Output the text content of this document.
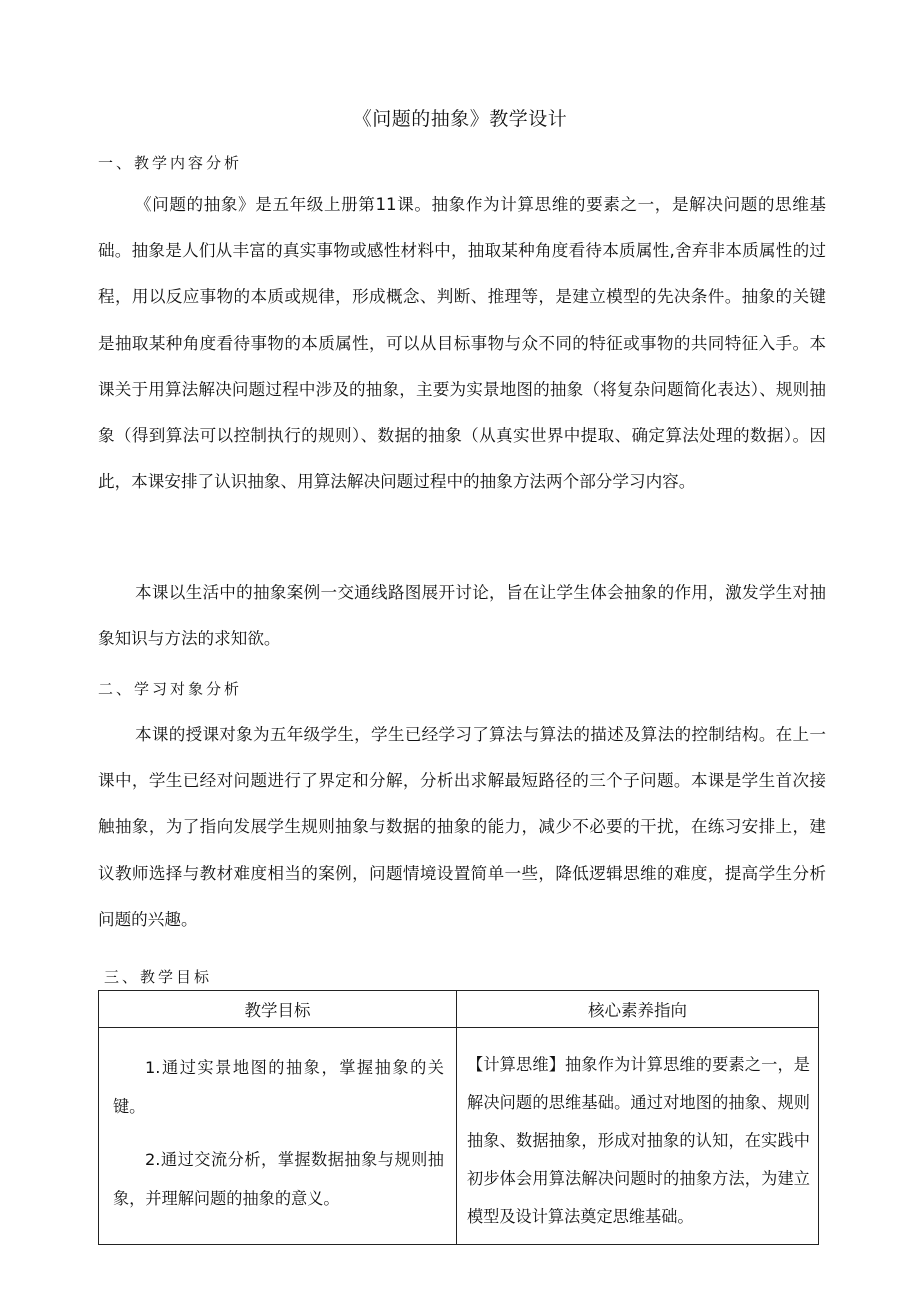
《问题的抽象》教学设计
一、教学内容分析

《问题的抽象》是五年级上册第11课。抽象作为计算思维的要素之一，是解决问题的思维基础。抽象是人们从丰富的真实事物或感性材料中，抽取某种角度看待本质属性,舍弃非本质属性的过程，用以反应事物的本质或规律，形成概念、判断、推理等，是建立模型的先决条件。抽象的关键是抽取某种角度看待事物的本质属性，可以从目标事物与众不同的特征或事物的共同特征入手。本课关于用算法解决问题过程中涉及的抽象，主要为实景地图的抽象（将复杂问题简化表达）、规则抽象（得到算法可以控制执行的规则）、数据的抽象（从真实世界中提取、确定算法处理的数据）。因此，本课安排了认识抽象、用算法解决问题过程中的抽象方法两个部分学习内容。

本课以生活中的抽象案例一交通线路图展开讨论，旨在让学生体会抽象的作用，激发学生对抽象知识与方法的求知欲。

二、学习对象分析

本课的授课对象为五年级学生，学生已经学习了算法与算法的描述及算法的控制结构。在上一课中，学生已经对问题进行了界定和分解，分析出求解最短路径的三个子问题。本课是学生首次接触抽象，为了指向发展学生规则抽象与数据的抽象的能力，减少不必要的干扰，在练习安排上，建议教师选择与教材难度相当的案例，问题情境设置简单一些，降低逻辑思维的难度，提高学生分析问题的兴趣。

三、教学目标
教学目标	核心素养指向

1.通过实景地图的抽象，掌握抽象的关键。

2.通过交流分析，掌握数据抽象与规则抽象，并理解问题的抽象的意义。	【计算思维】抽象作为计算思维的要素之一，是解决问题的思维基础。通过对地图的抽象、规则抽象、数据抽象，形成对抽象的认知，在实践中初步体会用算法解决问题时的抽象方法，为建立模型及设计算法奠定思维基础。
